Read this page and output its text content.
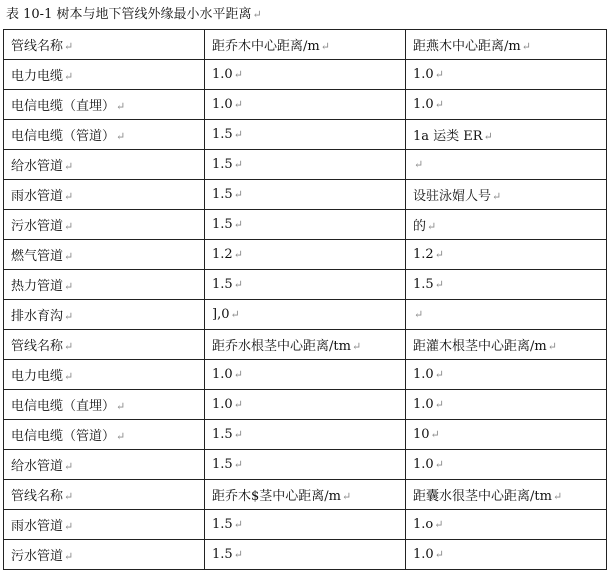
表 10-1 树本与地下管线外缘最小水平距离↵
管线名称↵	距乔木中心距离/m↵	距燕木中心距离/m↵
电力电缆↵	1.0↵	1.0↵
电信电缆（直埋）↵	1.0↵	1.0↵
电信电缆（管道）↵	1.5↵	1a 运类 ER↵
给水管道↵	1.5↵	↵
雨水管道↵	1.5↵	设驻泳媢人号↵
污水管道↵	1.5↵	的↵
燃气管道↵	1.2↵	1.2↵
热力管道↵	1.5↵	1.5↵
排水育沟↵	],0↵	↵
管线名称↵	距乔水根茎中心距离/tm↵	距灌木根茎中心距离/m↵
电力电缆↵	1.0↵	1.0↵
电信电缆（直埋）↵	1.0↵	1.0↵
电信电缆（管道）↵	1.5↵	10↵
给水管道↵	1.5↵	1.0↵
管线名称↵	距乔木$茎中心距离/m↵	距囊水很茎中心距离/tm↵
雨水管道↵	1.5↵	1.o↵
污水管道↵	1.5↵	1.0↵
